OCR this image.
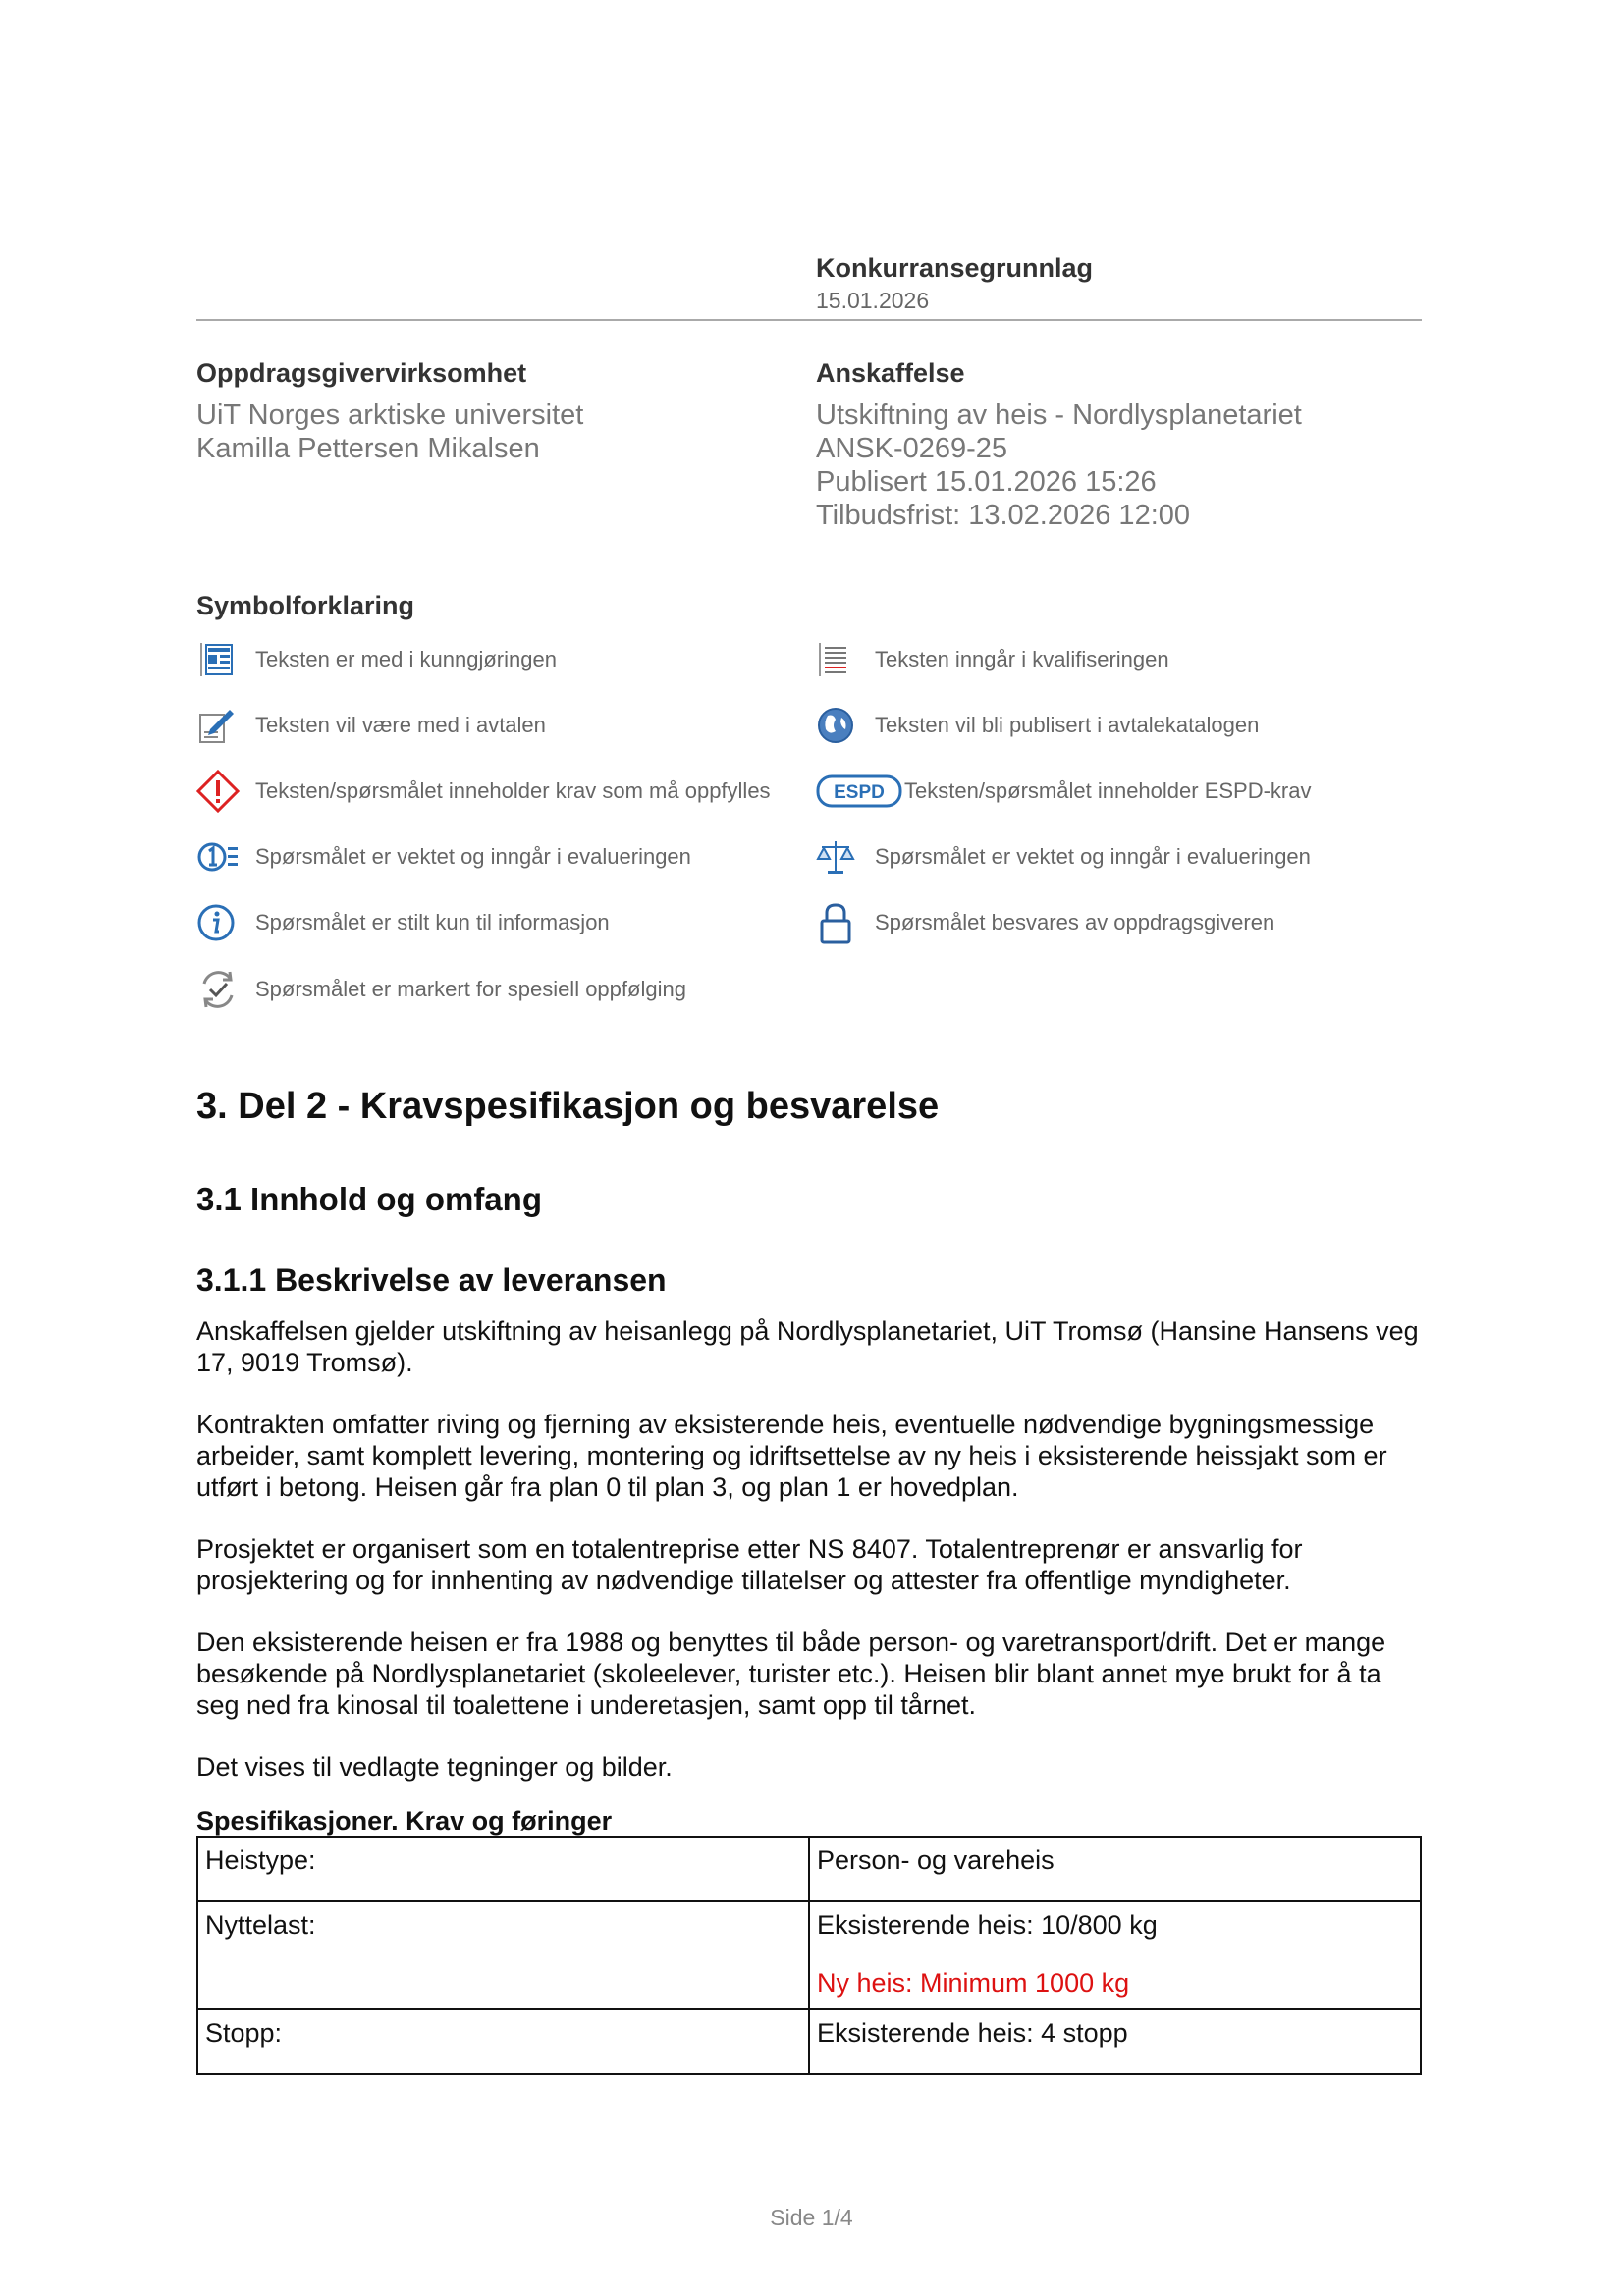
Konkurransegrunnlag
15.01.2026
Oppdragsgivervirksomhet
UiT Norges arktiske universitet
Kamilla Pettersen Mikalsen
Anskaffelse
Utskiftning av heis - Nordlysplanetariet
ANSK-0269-25
Publisert 15.01.2026 15:26
Tilbudsfrist: 13.02.2026 12:00
Symbolforklaring
Teksten er med i kunngjøringen	Teksten inngår i kvalifiseringen
Teksten vil være med i avtalen	Teksten vil bli publisert i avtalekatalogen
Teksten/spørsmålet inneholder krav som må oppfylles	ESPD Teksten/spørsmålet inneholder ESPD-krav
Spørsmålet er vektet og inngår i evalueringen	Spørsmålet er vektet og inngår i evalueringen
Spørsmålet er stilt kun til informasjon	Spørsmålet besvares av oppdragsgiveren
Spørsmålet er markert for spesiell oppfølging
3. Del 2 - Kravspesifikasjon og besvarelse
3.1 Innhold og omfang
3.1.1 Beskrivelse av leveransen

Anskaffelsen gjelder utskiftning av heisanlegg på Nordlysplanetariet, UiT Tromsø (Hansine Hansens veg 17, 9019 Tromsø).

Kontrakten omfatter riving og fjerning av eksisterende heis, eventuelle nødvendige bygningsmessige arbeider, samt komplett levering, montering og idriftsettelse av ny heis i eksisterende heissjakt som er utført i betong. Heisen går fra plan 0 til plan 3, og plan 1 er hovedplan.

Prosjektet er organisert som en totalentreprise etter NS 8407. Totalentreprenør er ansvarlig for prosjektering og for innhenting av nødvendige tillatelser og attester fra offentlige myndigheter.

Den eksisterende heisen er fra 1988 og benyttes til både person- og varetransport/drift. Det er mange besøkende på Nordlysplanetariet (skoleelever, turister etc.). Heisen blir blant annet mye brukt for å ta seg ned fra kinosal til toalettene i underetasjen, samt opp til tårnet.

Det vises til vedlagte tegninger og bilder.

Spesifikasjoner. Krav og føringer
Heistype:	Person- og vareheis

Nyttelast:	Eksisterende heis: 10/800 kg
Ny heis: Minimum 1000 kg

Stopp:	Eksisterende heis: 4 stopp
Side 1/4
